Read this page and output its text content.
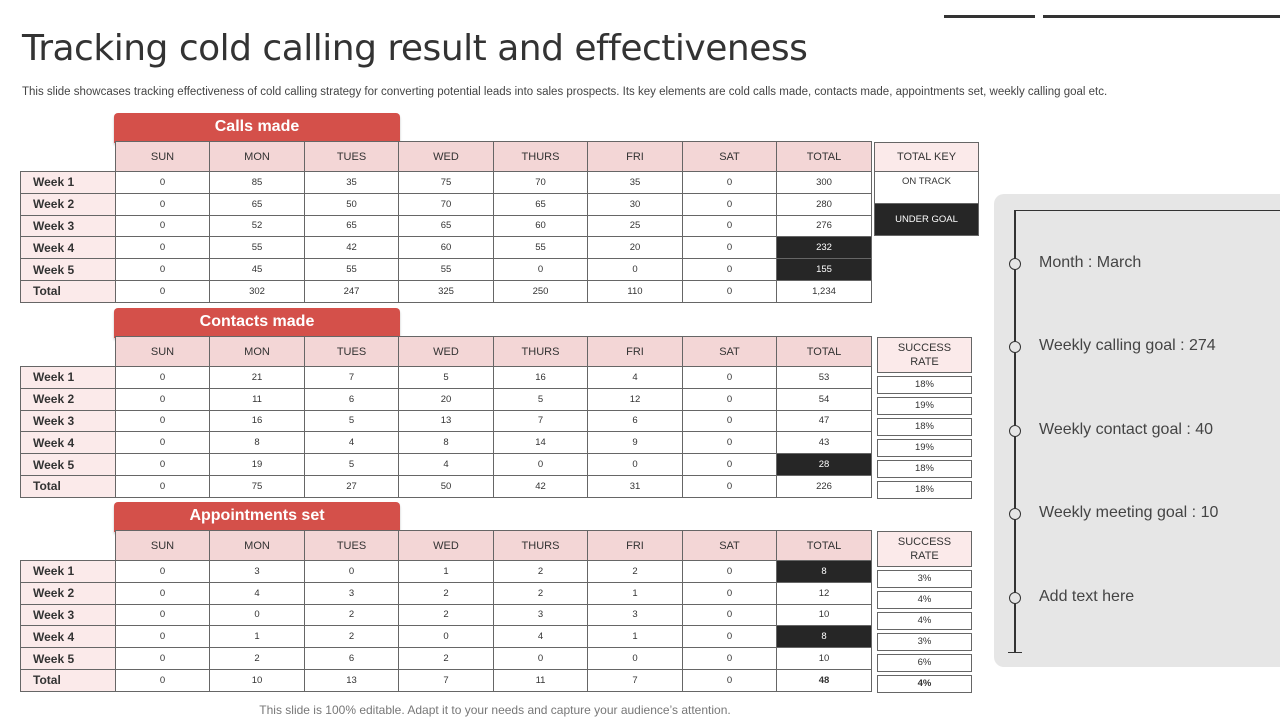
Tracking cold calling result and effectiveness
This slide showcases tracking effectiveness of cold calling strategy for converting potential leads into sales prospects. Its key elements are cold calls made, contacts made, appointments set, weekly calling goal etc.
Calls made
	SUN	MON	TUES	WED	THURS	FRI	SAT	TOTAL
Week 1	0	85	35	75	70	35	0	300
Week 2	0	65	50	70	65	30	0	280
Week 3	0	52	65	65	60	25	0	276
Week 4	0	55	42	60	55	20	0	232
Week 5	0	45	55	55	0	0	0	155
Total	0	302	247	325	250	110	0	1,234
TOTAL KEY
ON TRACK
UNDER GOAL
Contacts made
	SUN	MON	TUES	WED	THURS	FRI	SAT	TOTAL
Week 1	0	21	7	5	16	4	0	53
Week 2	0	11	6	20	5	12	0	54
Week 3	0	16	5	13	7	6	0	47
Week 4	0	8	4	8	14	9	0	43
Week 5	0	19	5	4	0	0	0	28
Total	0	75	27	50	42	31	0	226
SUCCESS
RATE
18%
19%
18%
19%
18%
18%
Appointments set
	SUN	MON	TUES	WED	THURS	FRI	SAT	TOTAL
Week 1	0	3	0	1	2	2	0	8
Week 2	0	4	3	2	2	1	0	12
Week 3	0	0	2	2	3	3	0	10
Week 4	0	1	2	0	4	1	0	8
Week 5	0	2	6	2	0	0	0	10
Total	0	10	13	7	11	7	0	48
SUCCESS
RATE
3%
4%
4%
3%
6%
4%
Month : March
Weekly calling goal : 274
Weekly contact goal : 40
Weekly meeting goal : 10
Add text here
This slide is 100% editable. Adapt it to your needs and capture your audience’s attention.
